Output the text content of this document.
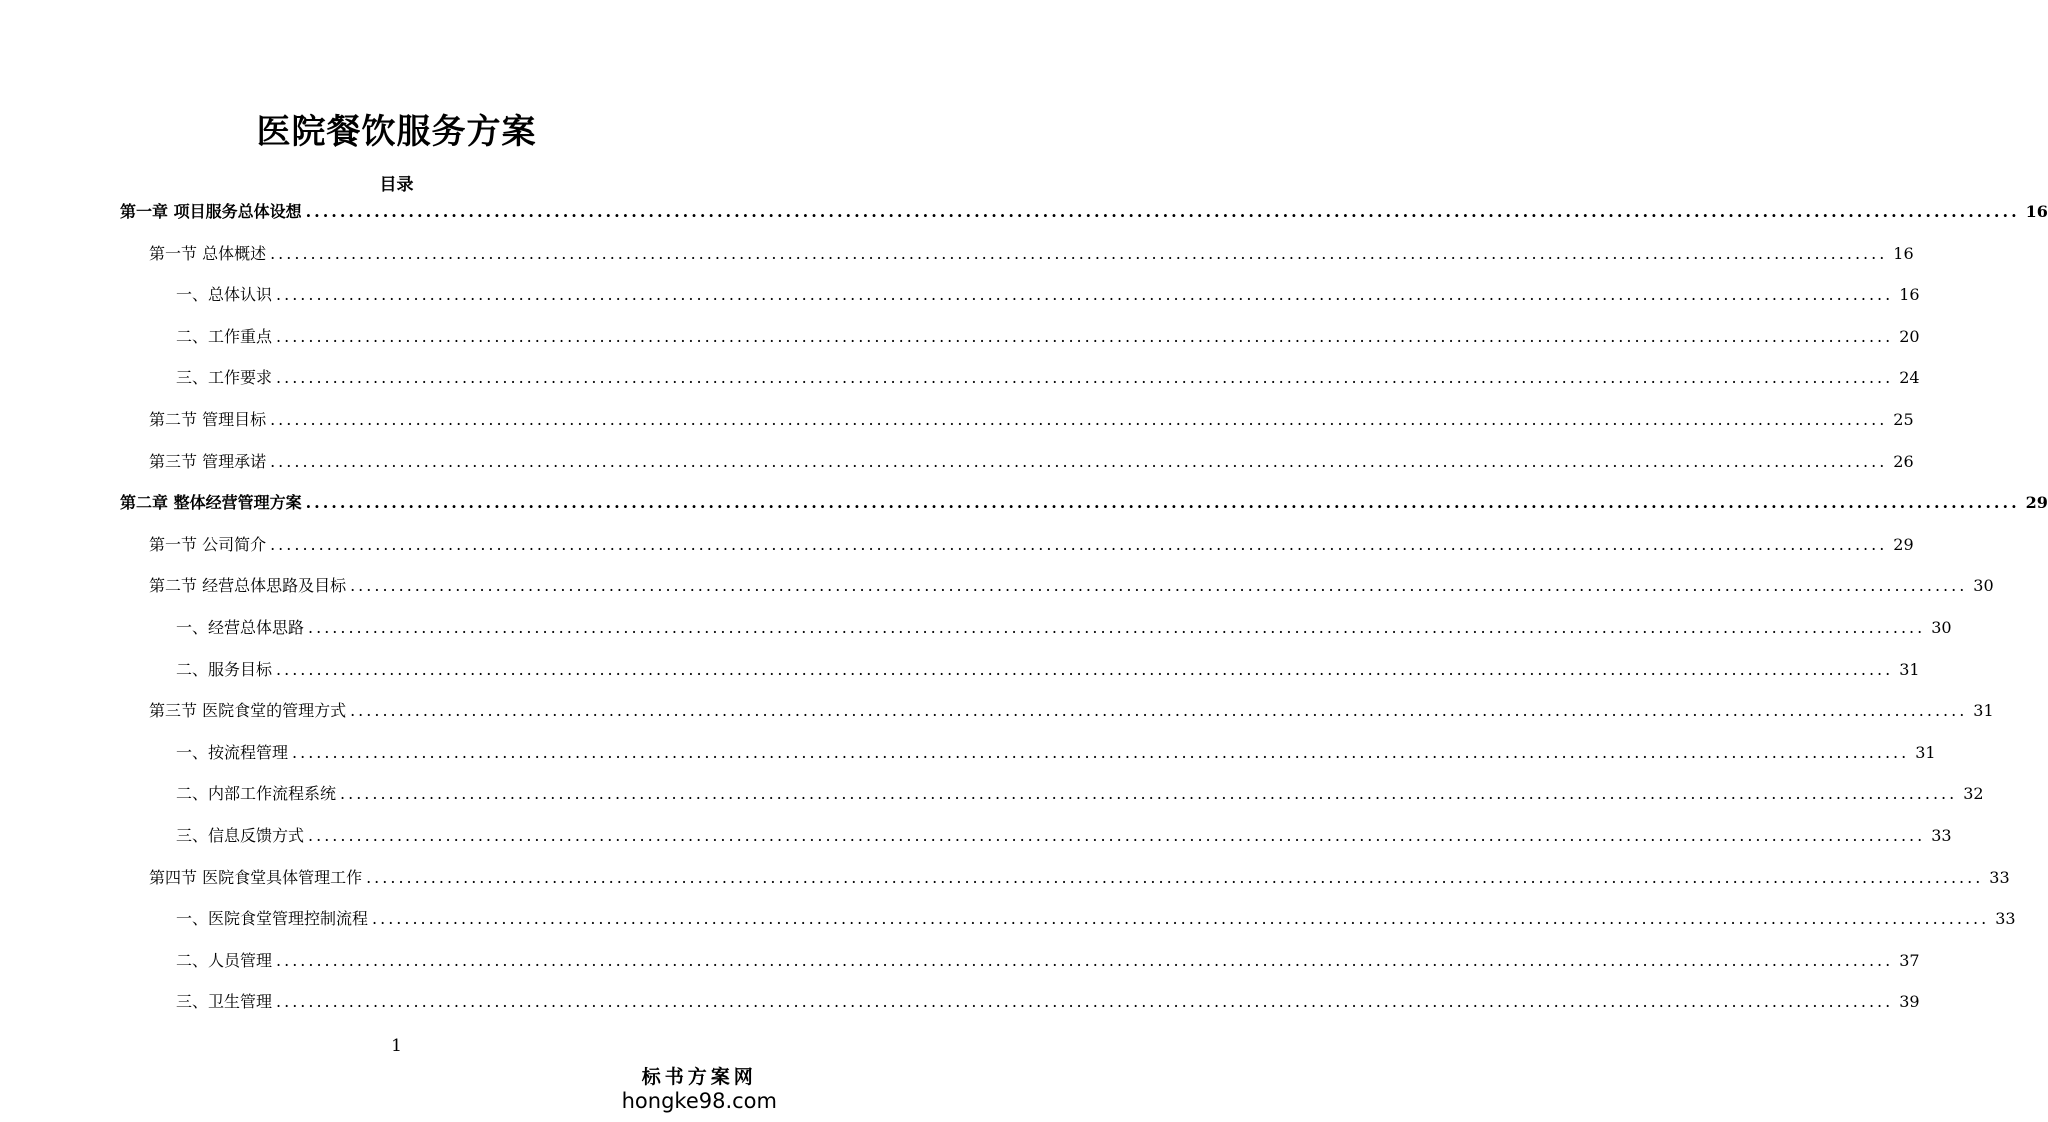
医院餐饮服务方案
目录
第一章 项目服务总体设想 ........................................................................................................................................................................................................ 16
第一节 总体概述 ........................................................................................................................................................................................................ 16
一、总体认识 ........................................................................................................................................................................................................ 16
二、工作重点 ........................................................................................................................................................................................................ 20
三、工作要求 ........................................................................................................................................................................................................ 24
第二节 管理目标 ........................................................................................................................................................................................................ 25
第三节 管理承诺 ........................................................................................................................................................................................................ 26
第二章 整体经营管理方案 ........................................................................................................................................................................................................ 29
第一节 公司简介 ........................................................................................................................................................................................................ 29
第二节 经营总体思路及目标 ........................................................................................................................................................................................................ 30
一、经营总体思路 ........................................................................................................................................................................................................ 30
二、服务目标 ........................................................................................................................................................................................................ 31
第三节 医院食堂的管理方式 ........................................................................................................................................................................................................ 31
一、按流程管理 ........................................................................................................................................................................................................ 31
二、内部工作流程系统 ........................................................................................................................................................................................................ 32
三、信息反馈方式 ........................................................................................................................................................................................................ 33
第四节 医院食堂具体管理工作 ........................................................................................................................................................................................................ 33
一、医院食堂管理控制流程 ........................................................................................................................................................................................................ 33
二、人员管理 ........................................................................................................................................................................................................ 37
三、卫生管理 ........................................................................................................................................................................................................ 39
1
标书方案网
hongke98.com
